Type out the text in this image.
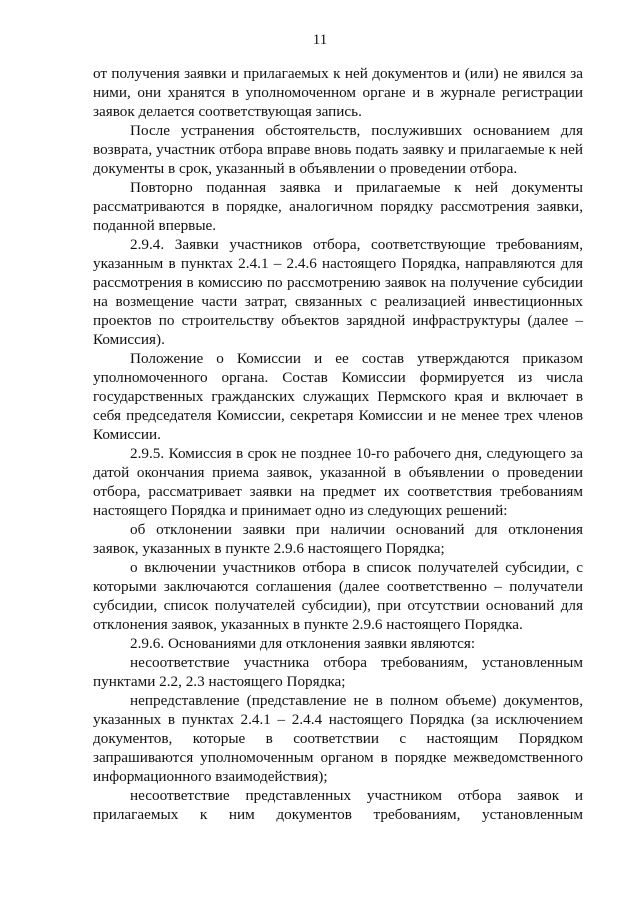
11

от получения заявки и прилагаемых к ней документов и (или) не явился за ними, они хранятся в уполномоченном органе и в журнале регистрации заявок делается соответствующая запись.

После устранения обстоятельств, послуживших основанием для возврата, участник отбора вправе вновь подать заявку и прилагаемые к ней документы в срок, указанный в объявлении о проведении отбора.

Повторно поданная заявка и прилагаемые к ней документы рассматриваются в порядке, аналогичном порядку рассмотрения заявки, поданной впервые.

2.9.4. Заявки участников отбора, соответствующие требованиям, указанным в пунктах 2.4.1 – 2.4.6 настоящего Порядка, направляются для рассмотрения в комиссию по рассмотрению заявок на получение субсидии на возмещение части затрат, связанных с реализацией инвестиционных проектов по строительству объектов зарядной инфраструктуры (далее – Комиссия).

Положение о Комиссии и ее состав утверждаются приказом уполномоченного органа. Состав Комиссии формируется из числа государственных гражданских служащих Пермского края и включает в себя председателя Комиссии, секретаря Комиссии и не менее трех членов Комиссии.

2.9.5. Комиссия в срок не позднее 10-го рабочего дня, следующего за датой окончания приема заявок, указанной в объявлении о проведении отбора, рассматривает заявки на предмет их соответствия требованиям настоящего Порядка и принимает одно из следующих решений:

об отклонении заявки при наличии оснований для отклонения заявок, указанных в пункте 2.9.6 настоящего Порядка;

о включении участников отбора в список получателей субсидии, с которыми заключаются соглашения (далее соответственно – получатели субсидии, список получателей субсидии), при отсутствии оснований для отклонения заявок, указанных в пункте 2.9.6 настоящего Порядка.

2.9.6. Основаниями для отклонения заявки являются:

несоответствие участника отбора требованиям, установленным пунктами 2.2, 2.3 настоящего Порядка;

непредставление (представление не в полном объеме) документов, указанных в пунктах 2.4.1 – 2.4.4 настоящего Порядка (за исключением документов, которые в соответствии с настоящим Порядком запрашиваются уполномоченным органом в порядке межведомственного информационного взаимодействия);

несоответствие представленных участником отбора заявок и прилагаемых к ним документов требованиям, установленным
